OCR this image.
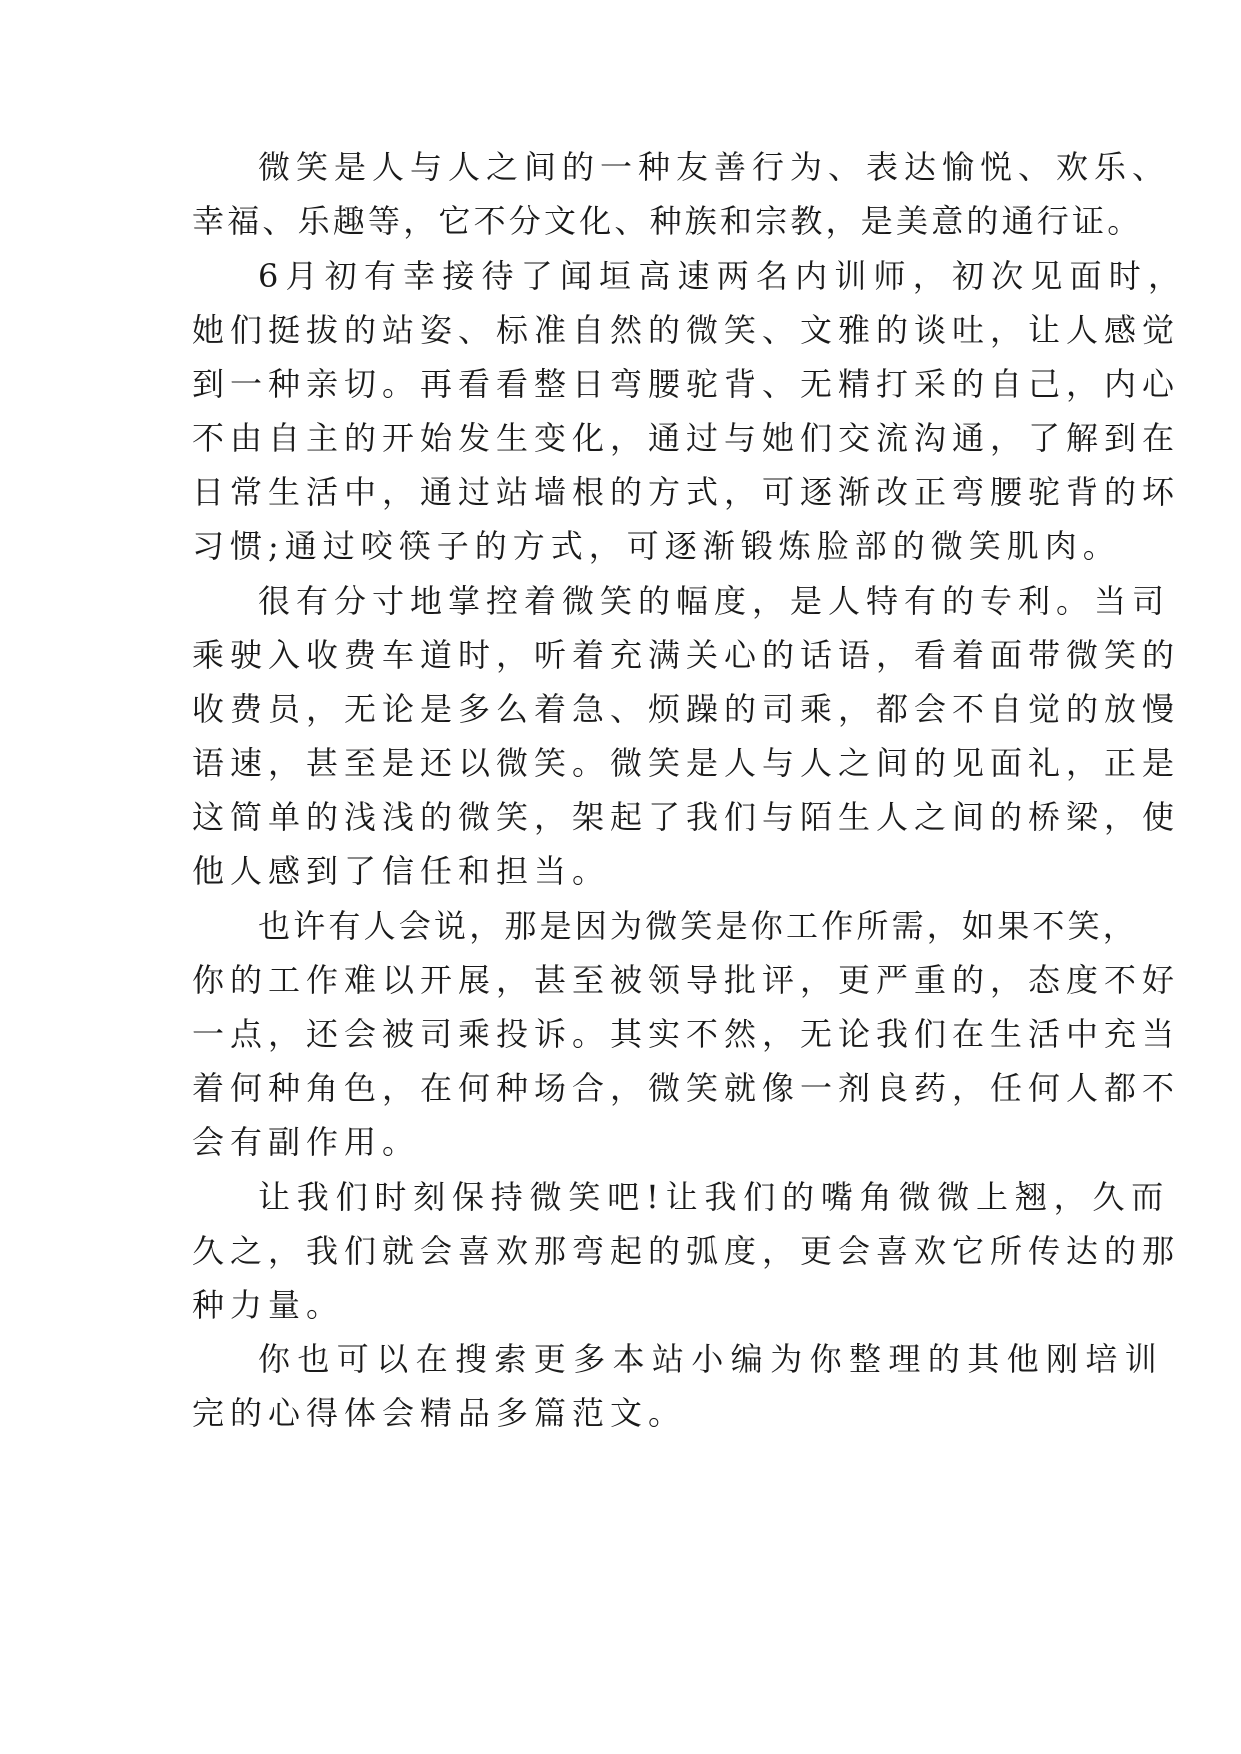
微笑是人与人之间的一种友善行为、表达愉悦、欢乐、
幸福、乐趣等，它不分文化、种族和宗教，是美意的通行证。
6月初有幸接待了闻垣高速两名内训师，初次见面时，
她们挺拔的站姿、标准自然的微笑、文雅的谈吐，让人感觉
到一种亲切。再看看整日弯腰驼背、无精打采的自己，内心
不由自主的开始发生变化，通过与她们交流沟通，了解到在
日常生活中，通过站墙根的方式，可逐渐改正弯腰驼背的坏
习惯;通过咬筷子的方式，可逐渐锻炼脸部的微笑肌肉。
很有分寸地掌控着微笑的幅度，是人特有的专利。当司
乘驶入收费车道时，听着充满关心的话语，看着面带微笑的
收费员，无论是多么着急、烦躁的司乘，都会不自觉的放慢
语速，甚至是还以微笑。微笑是人与人之间的见面礼，正是
这简单的浅浅的微笑，架起了我们与陌生人之间的桥梁，使
他人感到了信任和担当。
也许有人会说，那是因为微笑是你工作所需，如果不笑，
你的工作难以开展，甚至被领导批评，更严重的，态度不好
一点，还会被司乘投诉。其实不然，无论我们在生活中充当
着何种角色，在何种场合，微笑就像一剂良药，任何人都不
会有副作用。
让我们时刻保持微笑吧!让我们的嘴角微微上翘，久而
久之，我们就会喜欢那弯起的弧度，更会喜欢它所传达的那
种力量。
你也可以在搜索更多本站小编为你整理的其他刚培训
完的心得体会精品多篇范文。
